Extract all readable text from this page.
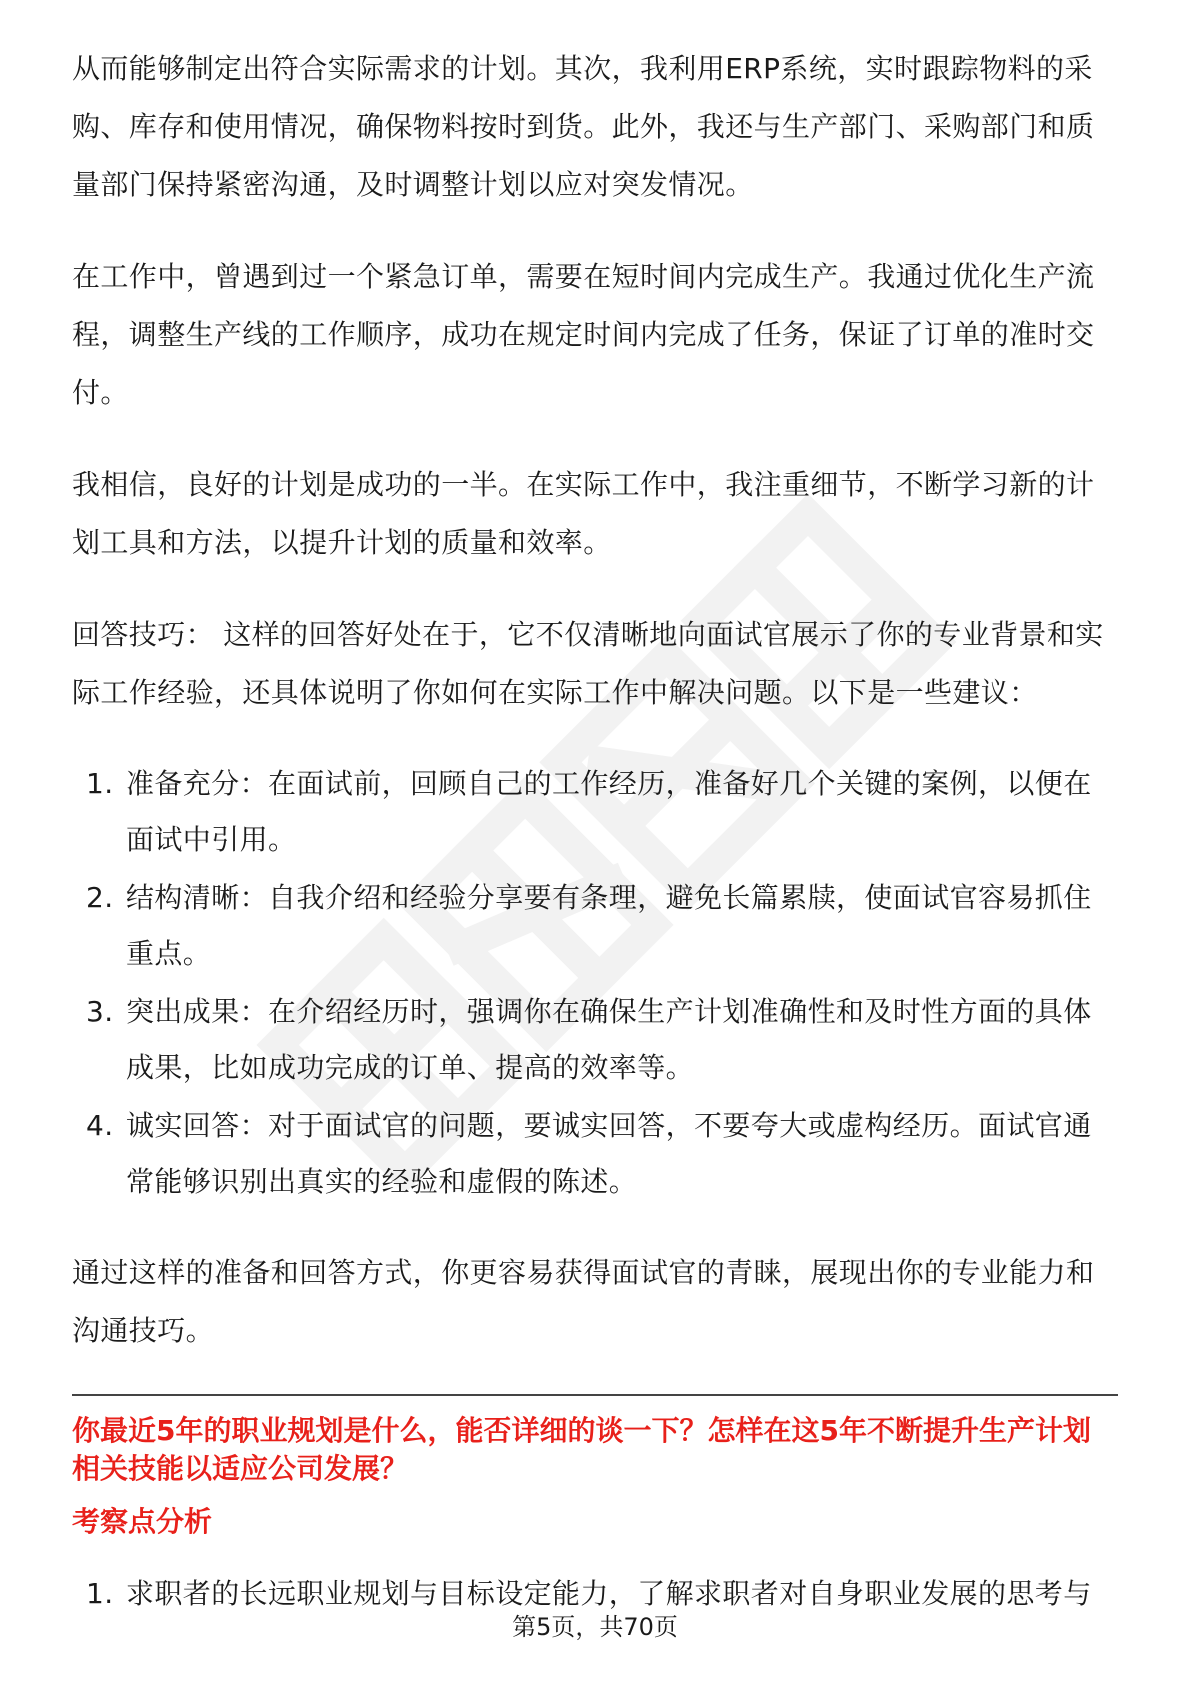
从而能够制定出符合实际需求的计划。其次，我利用ERP系统，实时跟踪物料的采购、库存和使用情况，确保物料按时到货。此外，我还与生产部门、采购部门和质量部门保持紧密沟通，及时调整计划以应对突发情况。

在工作中，曾遇到过一个紧急订单，需要在短时间内完成生产。我通过优化生产流程，调整生产线的工作顺序，成功在规定时间内完成了任务，保证了订单的准时交付。

我相信，良好的计划是成功的一半。在实际工作中，我注重细节，不断学习新的计划工具和方法，以提升计划的质量和效率。

回答技巧： 这样的回答好处在于，它不仅清晰地向面试官展示了你的专业背景和实际工作经验，还具体说明了你如何在实际工作中解决问题。以下是一些建议：

1. 准备充分：在面试前，回顾自己的工作经历，准备好几个关键的案例，以便在面试中引用。
2. 结构清晰：自我介绍和经验分享要有条理，避免长篇累牍，使面试官容易抓住重点。
3. 突出成果：在介绍经历时，强调你在确保生产计划准确性和及时性方面的具体成果，比如成功完成的订单、提高的效率等。
4. 诚实回答：对于面试官的问题，要诚实回答，不要夸大或虚构经历。面试官通常能够识别出真实的经验和虚假的陈述。

通过这样的准备和回答方式，你更容易获得面试官的青睐，展现出你的专业能力和沟通技巧。

你最近5年的职业规划是什么，能否详细的谈一下？怎样在这5年不断提升生产计划相关技能以适应公司发展？
考察点分析
1. 求职者的长远职业规划与目标设定能力，了解求职者对自身职业发展的思考与
第5页，共70页
